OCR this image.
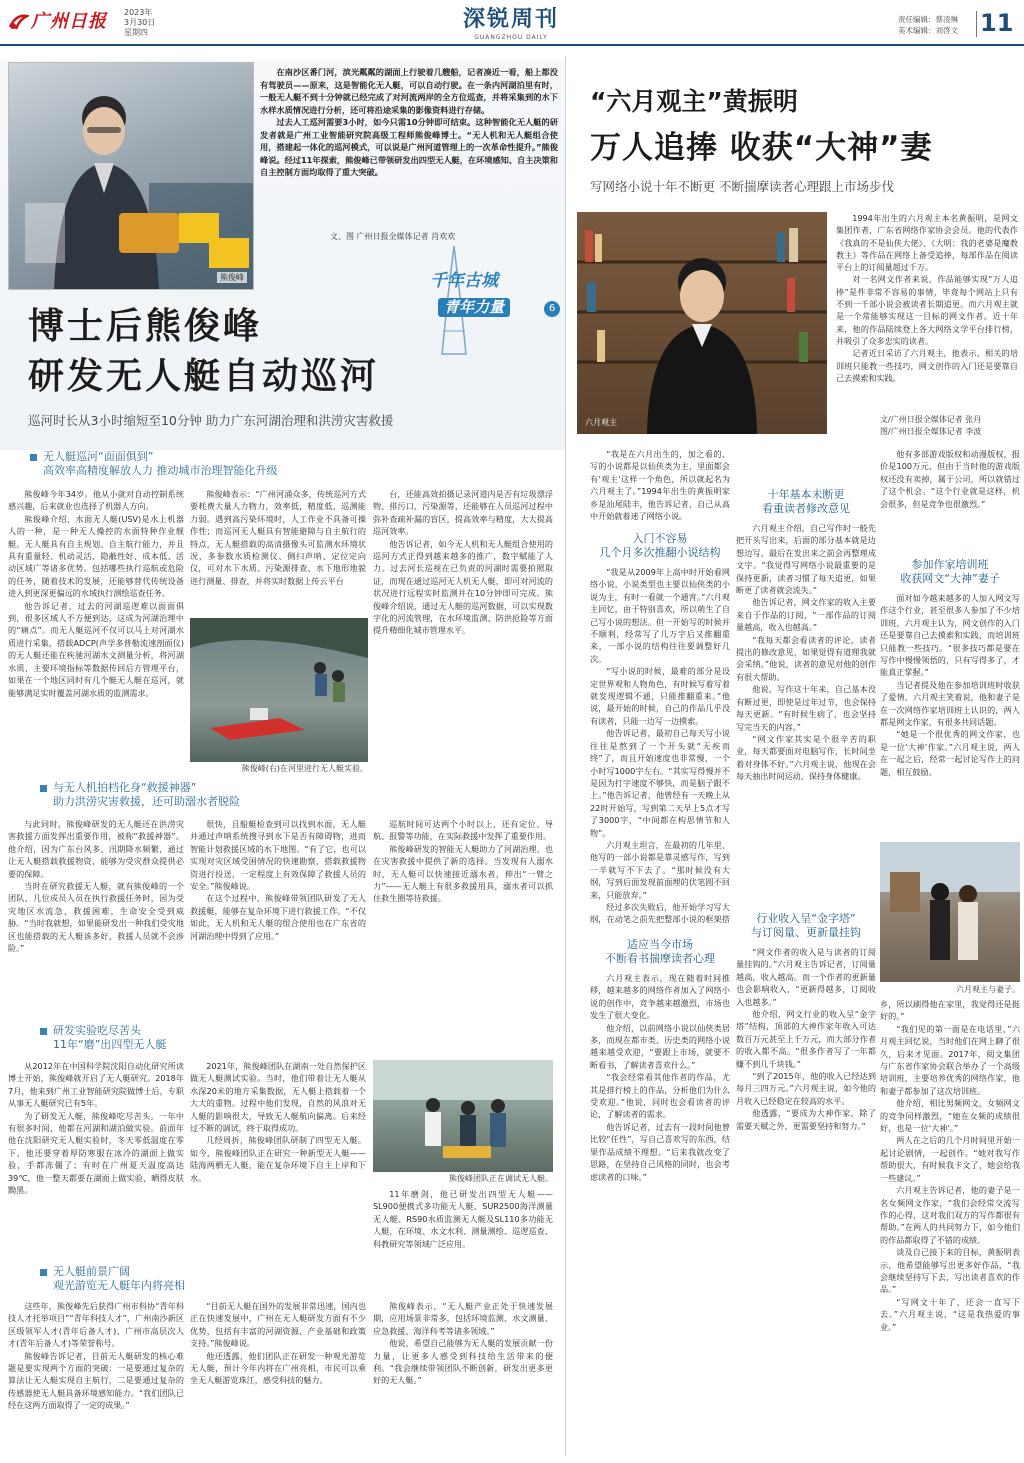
广州日报 2023年
3月30日
星期四
深锐周刊
GUANGZHOU DAILY
责任编辑：蔡凌琳
美术编辑：刘啓文 11
熊俊峰

在南沙区番门河，滨光粼粼的湖面上行驶着几艘船，记者凑近一看，船上都没有驾驶员——原来，这是智能化无人艇，可以自动行驶。在一条内河湖泊里有时，一般无人艇不到十分钟就已经完成了对河流两岸的全方位巡查，并将采集到的水下水样水质情况进行分析，还可将沿途采集的影像资料进行存储。

过去人工巡河需要3小时，如今只需10分钟即可结束。这种智能化无人艇的研发者就是广州工业智能研究院高级工程师熊俊峰博士。“无人机和无人艇组合使用，搭建起一体化的巡河模式，可以说是广州河道管理上的一次革命性提升。”熊俊峰说。经过11年探索，熊俊峰已带领研发出四型无人艇，在环境感知、自主决策和自主控制方面均取得了重大突破。

文、图 广州日报全媒体记者 肖欢欢
博士后熊俊峰
研发无人艇自动巡河
巡河时长从3小时缩短至10分钟 助力广东河湖治理和洪涝灾害救援
千年古城
青年力量	6
无人艇巡河“面面俱到”
高效率高精度解放人力 推动城市治理智能化升级

熊俊峰今年34岁。他从小就对自动控制系统感兴趣，后来就业也选择了机器人方向。

熊俊峰介绍，水面无人艇(USV)是水上机器人的一种，是一种无人操控的水面特种作业舰艇。无人艇具有自主规划、自主航行能力，并且具有重量轻、机动灵活、隐蔽性好、成本低、活动区域广等诸多优势。包括哪些执行巡航或危险的任务，随着技术的发展，还能够替代传统设备进入到更深更偏远的水域执行测绘巡查任务。

他告诉记者，过去的河湖巡逻难以面面俱到，很多区域人不方便到达，这成为河湖治理中的“痛点”。而无人艇巡河不仅可以马上对河湖水质进行采集，搭载ADCP(声学多普勒流速剖面仪)的无人艇还能在疾驰河湖水文测量分析，将河湖水质、主要环境指标等数据传回后方管理平台，如果在一个地区同时有几个艇无人艇在巡河，就能够满足实时覆盖河湖水质的监测需求。

熊俊峰表示：“广州河涌众多，传统巡河方式要耗费大量人力物力，效率低，精度低，巡测能力弱。遇到高污染环境时，人工作业不具备可操作性；而巡河无人艇具有智能避障与自主航行的特点，无人艇搭载的高清摄像头可监测水环境状况，多参数水质检测仪、侧扫声呐、定位定向仪，可对水下水质、污染源排查、水下地形地貌进行测量、排查，并将实时数据上传云平台

台，还能高效拍摄记录河道内是否有垃圾漂浮物、排污口、污染源等，还能够在人员巡河过程中弥补查疏补漏的盲区，提高效率与精度，大大提高巡河效率。

他告诉记者，如今无人机和无人艇组合使用的巡河方式正得到越来越多的推广，数字赋能了人力。过去河长巡视在已负责的河湖时需要拍照取证，而现在通过巡河无人机无人艇，即可对河流的状况进行远程实时监测并在10分钟即可完成。熊俊峰介绍说，通过无人艇的巡河数据，可以实现数字化的河流管理，在水环境监测、防洪抢险等方面提升精细化城市管理水平。

熊俊峰(右)在河里进行无人艇实验。
与无人机拍档化身“救援神器”
助力洪涝灾害救援，还可助溺水者脱险

与此同时，熊俊峰研发的无人艇还在洪涝灾害救援方面发挥出重要作用，被称“救援神器”。他介绍，因为广东台风多、汛期降水频繁，通过让无人艇搭载救援物资，能够为受灾群众提供必要的保障。

当时在研究救援无人艇，就有熊俊峰的一个团队，几位成员人员在执行救援任务时，因为受灾地区水流急，救援困难，生命安全受到威胁。“当时我就想，如果能研发出一种我们受灾地区也能搭载的无人艇该多好，救援人员就不会涉险。”

很快，且船艇检查到可以找到水面，无人艇并通过声呐系统搜寻到水下是否有障碍物，进而智能计划救援区域的水下地图。“有了它，也可以实现对灾区域受困情况的快速勘察，搭载救援物资进行投送，一定程度上有效保障了救援人员的安全。”熊俊峰说。

在这个过程中，熊俊峰带领团队研发了无人救援艇，能够在复杂环境下进行救援工作。“不仅如此，无人机和无人艇的组合使用也在广东省的河湖治理中得到了应用。”

巡航时间可达两个小时以上，还有定位、导航、报警等功能，在实际救援中发挥了重要作用。

熊俊峰研发的智能无人艇助力了河湖治理，也在灾害救援中提供了新的选择。当发现有人溺水时，无人艇可以快速接近溺水者，伸出“一臂之力”——无人艇上有很多救援用具，溺水者可以抓住救生圈等待救援。

研发实验吃尽苦头
11年“磨”出四型无人艇

从2012年在中国科学院沈阳自动化研究所读博士开始，熊俊峰就开启了无人艇研究。2018年7月，他来到广州工业智能研究院做博士后，专职从事无人艇研究已有5年。

为了研发无人艇，熊俊峰吃尽苦头。一年中有很多时间，他都在河湖和湖泊做实验。前面年他在沈阳研究无人艇实验时，冬天零低温度在零下，他还要穿着厚防寒服在冰冷的湖面上做实验，手都冻僵了；有时在广州夏天温度高达39℃，他一整天都要在湖面上做实验，晒得皮肤黝黑。

2021年，熊俊峰团队在湖南一处自然保护区做无人艇测试实验。当时，他们带着让无人艇从水深20米的地方采集数据，无人艇上搭载着一个大大的重物。过程中他们发现，自然的风浪对无人艇的影响很大，导致无人艇航向偏离。后来经过不断的调试，终于取得成功。

几经周折，熊俊峰团队研制了四型无人艇。如今，熊俊峰团队正在研究一种新型无人艇——陆海两栖无人艇，能在复杂环境下自主上岸和下水。	熊俊峰团队正在调试无人艇。
11年磨剑，他已研发出四型无人艇——SL900便携式多功能无人艇、SUR2500海洋测量无人艇、RS90水质监测无人艇及SL110多功能无人艇，在环境、水文水利、测量测绘、巡逻巡查、科教研究等领域广泛应用。
无人艇前景广阔
观光游览无人艇年内将亮相

这些年，熊俊峰先后获得广州市科协“青年科技人才托举项目”“青年科技人才”，广州南沙新区区级领军人才(青年后备人才)、广州市高层次人才(青年后备人才)等荣誉称号。

熊俊峰告诉记者，目前无人艇研发的核心难题是要实现两个方面的突破：一是要通过复杂的算法让无人艇实现自主航行，二是要通过复杂的传感器使无人艇具备环境感知能力。“我们团队已经在这两方面取得了一定的成果。”

“目前无人艇在国外的发展非常迅速，国内也正在快速发展中，广州在无人艇研发方面有不少优势，包括有丰富的河湖资源、产业基础和政策支持。”熊俊峰说。

他还透露，他们团队正在研发一种观光游览无人艇，预计今年内将在广州亮相，市民可以乘坐无人艇游览珠江，感受科技的魅力。

熊俊峰表示，“无人艇产业正处于快速发展期，应用场景非常多，包括环境监测、水文测量、应急救援、海洋科考等诸多领域。”

他说，希望自己能够为无人艇的发展贡献一份力量，让更多人感受到科技给生活带来的便利。“我会继续带领团队不断创新，研发出更多更好的无人艇。”

“六月观主”黄振明
万人追捧 收获“大神”妻
写网络小说十年不断更 不断揣摩读者心理跟上市场步伐
六月观主

1994年出生的六月观主本名黄振明，是网文集团作者，广东省网络作家协会会员。他的代表作《我真的不是仙侠大佬》、《大明：我的老婆是魔教教主》等作品在网络上备受追捧，每部作品在阅读平台上的订阅量超过千万。

对一名网文作者来说，作品能够实现“万人追捧”是件非常不容易的事情，毕竟每个网站上只有不到一千部小说会被读者长期追更。而六月观主就是一个常能够实现这一目标的网文作者。近十年来，他的作品陆续登上各大网络文学平台排行榜，并吸引了众多忠实的读者。

记者近日采访了六月观主，他表示，相关的培训班只能教一些技巧，网文创作的入门还是要靠自己去摸索和实践。

文/广州日报全媒体记者 张丹
图/广州日报全媒体记者 李波
“我是在六月出生的，加之看的、写的小说都是以仙侠类为主，里面都会有‘观主’这样一个角色，所以就起名为六月观主了。”1994年出生的黄振明家乡是汕尾陆丰，他告诉记者，自己从高中开始就着迷了网络小说。
入门不容易
几个月多次推翻小说结构

“我是从2009年上高中时开始看网络小说，小说类型也主要以仙侠类的小说为主，有时一看就一个通宵。”六月观主回忆，由于特别喜欢，所以萌生了自己写小说的想法。但一开始写的时候并不顺利，经常写了几万字后又推翻重来，一部小说的结构往往要调整好几次。

“写小说的时候，最难的部分是设定世界观和人物角色，有时候写着写着就发现逻辑不通，只能推翻重来。”他说，最开始的时候，自己的作品几乎没有读者，只能一边写一边摸索。

他告诉记者，最初自己每天写小说往往是熬到了一个开头就“无疾而终”了，而且开始速度也非常慢，一个小时写1000字左右。“其实写得慢并不是因为打字速度不够快，而是脑子跟不上。”他告诉记者，他曾经有一天晚上从22时开始写，写到第二天早上5点才写了3000字，“中间都在构思情节和人物”。

六月观主坦言，在最初的几年里，他写的一部小说都是靠灵感写作，写到一半就写不下去了。“那时候没有大纲，写到后面发现前面埋的伏笔圆不回来，只能放弃。”

经过多次失败后，他开始学习写大纲，在动笔之前先把整部小说的框架搭

适应当今市场
不断看书揣摩读者心理

六月观主表示，现在随着时间推移，越来越多的网络作者加入了网络小说的创作中，竞争越来越激烈，市场也发生了很大变化。

他介绍，以前网络小说以仙侠类居多，而现在都市类、历史类的网络小说越来越受欢迎，“要跟上市场，就要不断看书，了解读者喜欢什么。”

“我会经常看其他作者的作品，尤其是排行榜上的作品，分析他们为什么受欢迎。”他说，同时也会看读者的评论，了解读者的需求。

他告诉记者，过去有一段时间他曾比较“任性”，写自己喜欢写的东西，结果作品成绩不理想。“后来我就改变了思路，在坚持自己风格的同时，也会考虑读者的口味。”

十年基本未断更
看重读者修改意见

六月观主介绍，自己写作时一般先把开头写出来，后面的部分基本就是边想边写，最后在发出来之前会再整理成文字。“我觉得写网络小说最重要的是保持更新，读者习惯了每天追更，如果断更了读者就会流失。”

他告诉记者，网文作家的收入主要来自于作品的订阅，“一部作品的订阅量越高，收入也越高。”

“我每天都会看读者的评论，读者提出的修改意见，如果觉得有道理我就会采纳。”他说，读者的意见对他的创作有很大帮助。

他说，写作这十年来，自己基本没有断过更，即使是过年过节，也会保持每天更新。“有时候生病了，也会坚持写完当天的内容。”

“网文作家其实是个很辛苦的职业，每天都要面对电脑写作，长时间坐着对身体不好。”六月观主说，他现在会每天抽出时间运动，保持身体健康。

行业收入呈“金字塔”
与订阅量、更新量挂钩

“网文作者的收入是与读者的订阅量挂钩的。”六月观主告诉记者，订阅量越高，收入越高。而一个作者的更新量也会影响收入，“更新得越多，订阅收入也越多。”

他介绍，网文行业的收入呈“金字塔”结构，顶部的大神作家年收入可达数百万元甚至上千万元，而大部分作者的收入都不高。“很多作者写了一年都赚不到几千块钱。”

“到了2015年，他的收入已经达到每月三四万元。”六月观主说，如今他的月收入已经稳定在较高的水平。

他透露，“要成为大神作家，除了需要天赋之外，更需要坚持和努力。”

他有多部游戏版权和动漫版权，报价是100万元，但由于当时他的游戏版权还没有卖掉，属于公司，所以就错过了这个机会。“这个行业就是这样，机会很多，但是竞争也很激烈。”
参加作家培训班
收获网文“大神”妻子

面对如今越来越多的人加入网文写作这个行业，甚至很多人参加了不少培训班，六月观主认为，网文创作的入门还是要靠自己去摸索和实践，而培训班只能教一些技巧。“很多技巧都是要在写作中慢慢领悟的，只有写得多了，才能真正掌握。”

当记者提及他在参加培训班时收获了爱情，六月观主笑着说，他和妻子是在一次网络作家培训班上认识的，两人都是网文作家，有很多共同话题。

“她是一个很优秀的网文作家，也是一位‘大神’作家。”六月观主说，两人在一起之后，经常一起讨论写作上的问题，相互鼓励。

六月观主与妻子。

乡，所以刷得他在家里，我觉得还是挺好的。”

“我们见的第一面是在电话里，”六月观主回忆说，当时他们在网上聊了很久，后来才见面。2017年，阅文集团与广东省作家协会联合举办了一个高级培训班，主要培养优秀的网络作家，他和妻子都参加了这次培训班。

他介绍，相比男频网文，女频网文的竞争同样激烈，“她在女频的成绩很好，也是一位‘大神’。”

两人在之后的几个月时间里开始一起讨论剧情，一起创作。“她对我写作帮助很大，有时候我卡文了，她会给我一些建议。”

六月观主告诉记者，他的妻子是一名女频网文作家，“我们会经常交流写作的心得，这对我们双方的写作都很有帮助。”在两人的共同努力下，如今他们的作品都取得了不错的成绩。

谈及自己接下来的目标，黄振明表示，他希望能够写出更多好作品，“我会继续坚持写下去，写出读者喜欢的作品。”

“写网文十年了，还会一直写下去。”六月观主说，“这是我热爱的事业。”
